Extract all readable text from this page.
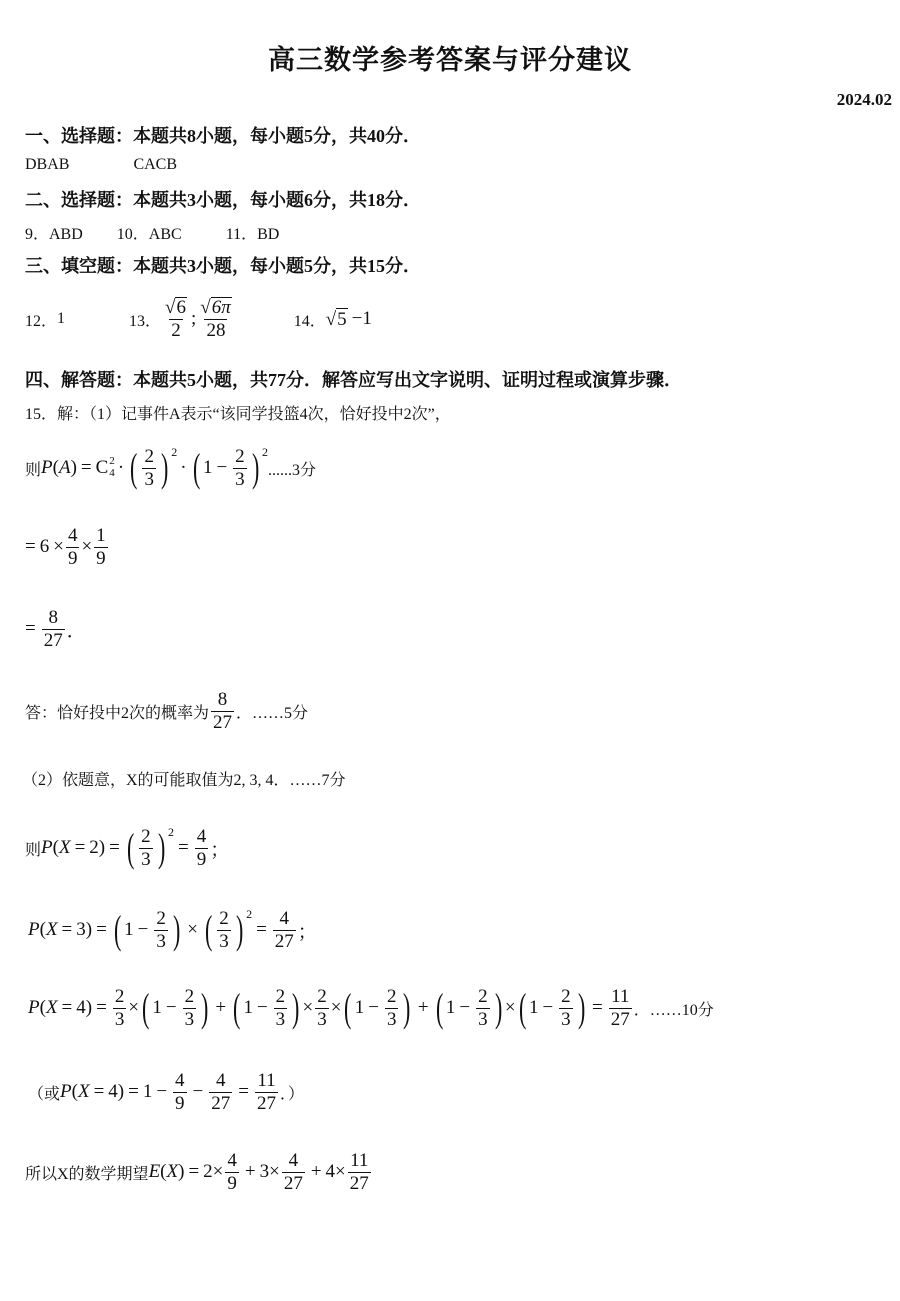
高三数学参考答案与评分建议
2024.02
一、选择题：本题共8小题，每小题5分，共40分．
DBAB	CACB
二、选择题：本题共3小题，每小题6分，共18分．
9．ABD 10．ABC	11．BD
三、填空题：本题共3小题，每小题5分，共15分．
12． 1	13． $\frac{√ 6}{2}$ ; $\frac{√ 6\pi}{28}$	14． √ 5 −1
四、解答题：本题共5小题，共77分．解答应写出文字说明、证明过程或演算步骤．
15．解：（1）记事件A表示“该同学投篮4次，恰好投中2次”，
则 P ( A ) = C 2
4 · ( $\frac{2}{3}$ ) 2
· ( $1 - \frac{2}{3}$ ) 2
......3分
= $6 \times \frac{4}{9} \times \frac{1}{9}$
= $\frac{8}{27}$ ．
答：恰好投中2次的概率为 $\frac{8}{27}$ ．……5分
（2）依题意，X的可能取值为2, 3, 4．……7分
则 P ( X = 2) = ( $\frac{2}{3}$ ) 2
= $\frac{4}{9}$ ；
P ( X = 3) = ( $1 - \frac{2}{3}$ ) × ( $\frac{2}{3}$ ) 2
= $\frac{4}{27}$ ；
P ( $X = 4) = \frac{2}{3}$ × ( $1 - \frac{2}{3}$ ) + ( $1 - \frac{2}{3}$ ) × $\frac{2}{3}$ × ( $1 - \frac{2}{3}$ ) + ( $1 - \frac{2}{3}$ ) × ( $1 - \frac{2}{3}$ ) = $\frac{11}{27}$ ．……10分
（或 P ( $X = 4) = 1 - \frac{4}{9} - \frac{4}{27} = \frac{11}{27}$ ．）
所以X的数学期望 E ( X ) = $2\times \frac{4}{9} + 3\times \frac{4}{27} + 4\times \frac{11}{27}$
